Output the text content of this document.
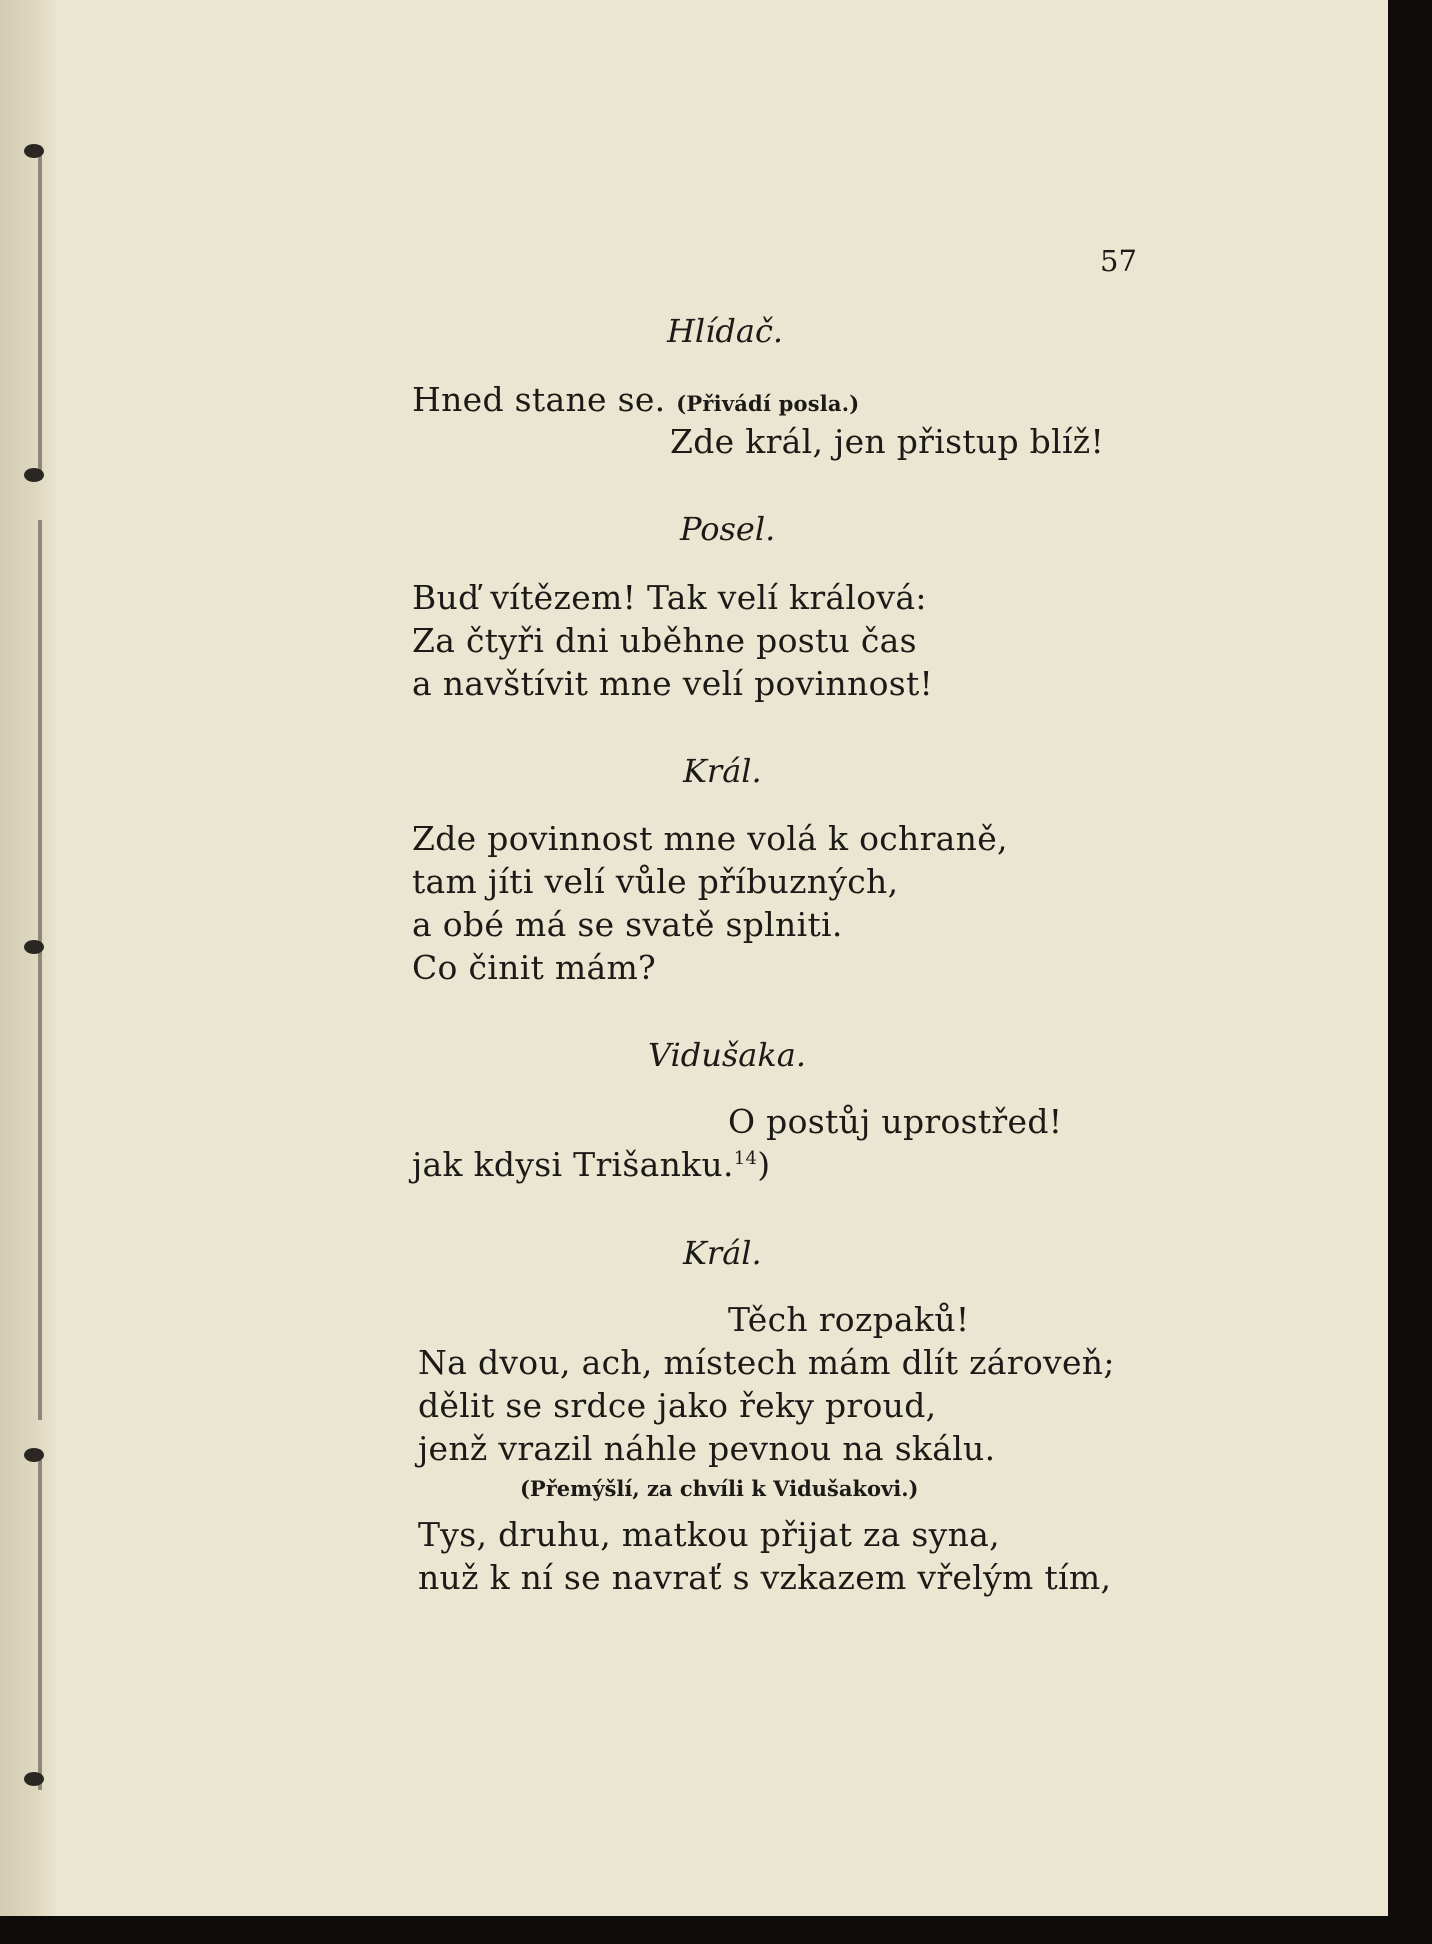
57
Hlídač.
Hned stane se. (Přivádí posla.)
Zde král, jen přistup blíž!
Posel.
Buď vítězem! Tak velí králová:
Za čtyři dni uběhne postu čas
a navštívit mne velí povinnost!
Král.
Zde povinnost mne volá k ochraně,
tam jíti velí vůle příbuzných,
a obé má se svatě splniti.
Co činit mám?
Vidušaka.
O postůj uprostřed!
jak kdysi Trišanku.$^{14}$)
Král.
Těch rozpaků!
Na dvou, ach, místech mám dlít zároveň;
dělit se srdce jako řeky proud,
jenž vrazil náhle pevnou na skálu.
(Přemýšlí, za chvíli k Vidušakovi.)
Tys, druhu, matkou přijat za syna,
nuž k ní se navrať s vzkazem vřelým tím,
